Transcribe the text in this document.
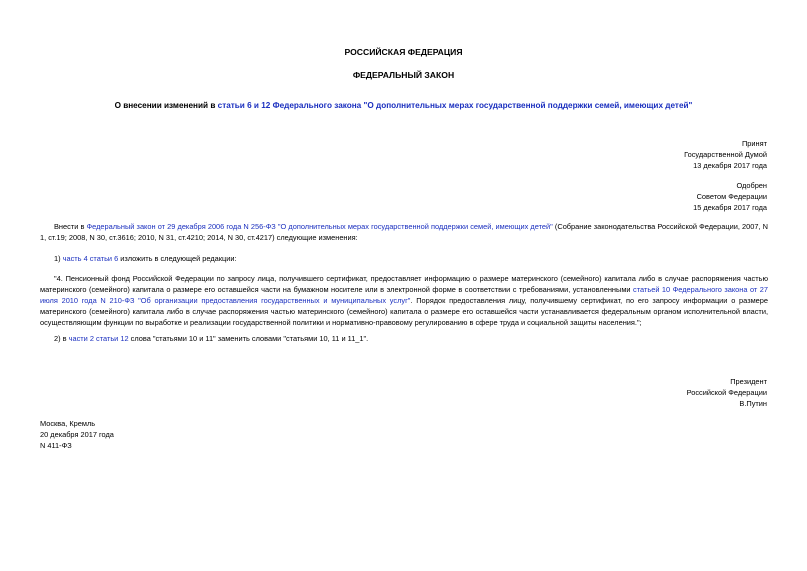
РОССИЙСКАЯ ФЕДЕРАЦИЯ
ФЕДЕРАЛЬНЫЙ ЗАКОН
О внесении изменений в статьи 6 и 12 Федерального закона "О дополнительных мерах государственной поддержки семей, имеющих детей"
Принят
Государственной Думой
13 декабря 2017 года
Одобрен
Советом Федерации
15 декабря 2017 года
Внести в Федеральный закон от 29 декабря 2006 года N 256-ФЗ "О дополнительных мерах государственной поддержки семей, имеющих детей" (Собрание законодательства Российской Федерации, 2007, N 1, ст.19; 2008, N 30, ст.3616; 2010, N 31, ст.4210; 2014, N 30, ст.4217) следующие изменения:
1) часть 4 статьи 6 изложить в следующей редакции:
"4. Пенсионный фонд Российской Федерации по запросу лица, получившего сертификат, предоставляет информацию о размере материнского (семейного) капитала либо в случае распоряжения частью материнского (семейного) капитала о размере его оставшейся части на бумажном носителе или в электронной форме в соответствии с требованиями, установленными статьей 10 Федерального закона от 27 июля 2010 года N 210-ФЗ "Об организации предоставления государственных и муниципальных услуг". Порядок предоставления лицу, получившему сертификат, по его запросу информации о размере материнского (семейного) капитала либо в случае распоряжения частью материнского (семейного) капитала о размере его оставшейся части устанавливается федеральным органом исполнительной власти, осуществляющим функции по выработке и реализации государственной политики и нормативно-правовому регулированию в сфере труда и социальной защиты населения.";
2) в части 2 статьи 12 слова "статьями 10 и 11" заменить словами "статьями 10, 11 и 11_1".
Президент
Российской Федерации
В.Путин
Москва, Кремль
20 декабря 2017 года
N 411-ФЗ
